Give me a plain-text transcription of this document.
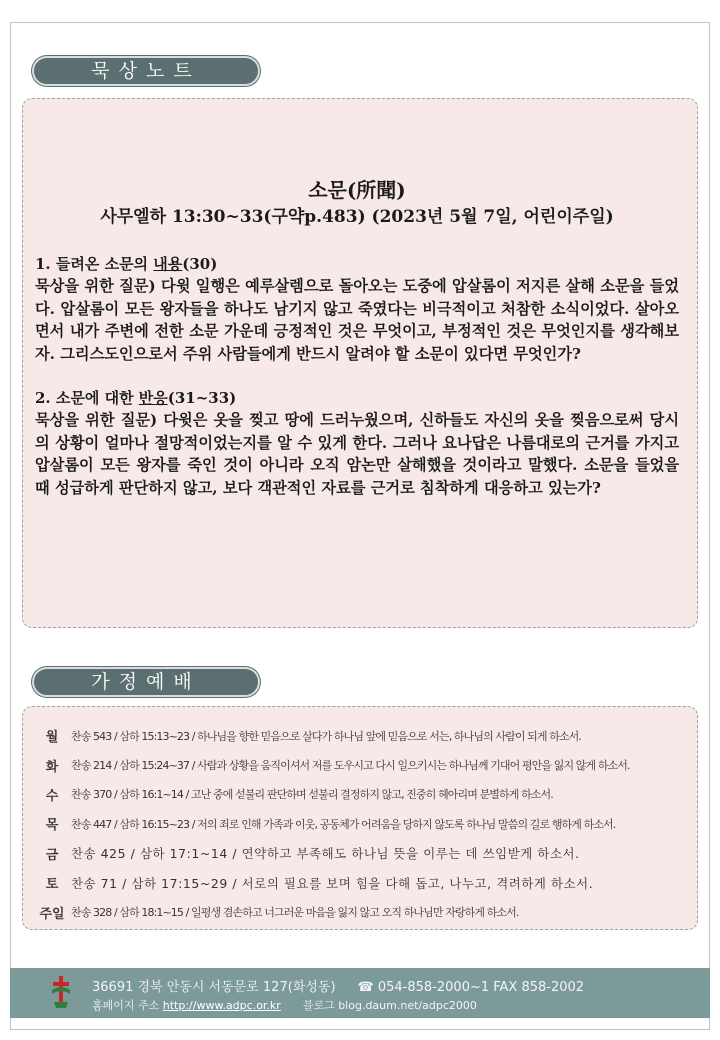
묵상노트
소문(所聞)
사무엘하 13:30~33(구약p.483) (2023년 5월 7일, 어린이주일)
1. 들려온 소문의 내용(30)
묵상을 위한 질문) 다윗 일행은 예루살렘으로 돌아오는 도중에 압살롬이 저지른 살해 소문을 들었다. 압살롬이 모든 왕자들을 하나도 남기지 않고 죽였다는 비극적이고 처참한 소식이었다. 살아오면서 내가 주변에 전한 소문 가운데 긍정적인 것은 무엇이고, 부정적인 것은 무엇인지를 생각해보자. 그리스도인으로서 주위 사람들에게 반드시 알려야 할 소문이 있다면 무엇인가?
2. 소문에 대한 반응(31~33)
묵상을 위한 질문) 다윗은 옷을 찢고 땅에 드러누웠으며, 신하들도 자신의 옷을 찢음으로써 당시의 상황이 얼마나 절망적이었는지를 알 수 있게 한다. 그러나 요나답은 나름대로의 근거를 가지고 압살롬이 모든 왕자를 죽인 것이 아니라 오직 암논만 살해했을 것이라고 말했다. 소문을 들었을 때 성급하게 판단하지 않고, 보다 객관적인 자료를 근거로 침착하게 대응하고 있는가?
가정예배
월	찬송 543 / 삼하 15:13~23 / 하나님을 향한 믿음으로 살다가 하나님 앞에 믿음으로 서는, 하나님의 사람이 되게 하소서.
화	찬송 214 / 삼하 15:24~37 / 사람과 상황을 움직이셔서 저를 도우시고 다시 일으키시는 하나님께 기대어 평안을 잃지 않게 하소서.
수	찬송 370 / 삼하 16:1~14 / 고난 중에 섣불리 판단하며 섣불리 결정하지 않고, 진중히 헤아리며 분별하게 하소서.
목	찬송 447 / 삼하 16:15~23 / 저의 죄로 인해 가족과 이웃, 공동체가 어려움을 당하지 않도록 하나님 말씀의 길로 행하게 하소서.
금	찬송 425 / 삼하 17:1~14 / 연약하고 부족해도 하나님 뜻을 이루는 데 쓰임받게 하소서.
토	찬송 71 / 삼하 17:15~29 / 서로의 필요를 보며 힘을 다해 돕고, 나누고, 격려하게 하소서.
주일 찬송 328 / 삼하 18:1~15 / 일평생 겸손하고 너그러운 마음을 잃지 않고 오직 하나님만 자랑하게 하소서.
36691 경북 안동시 서동문로 127(화성동) ☎ 054-858-2000~1 FAX 858-2002
홈페이지 주소 http://www.adpc.or.kr 블로그 blog.daum.net/adpc2000
